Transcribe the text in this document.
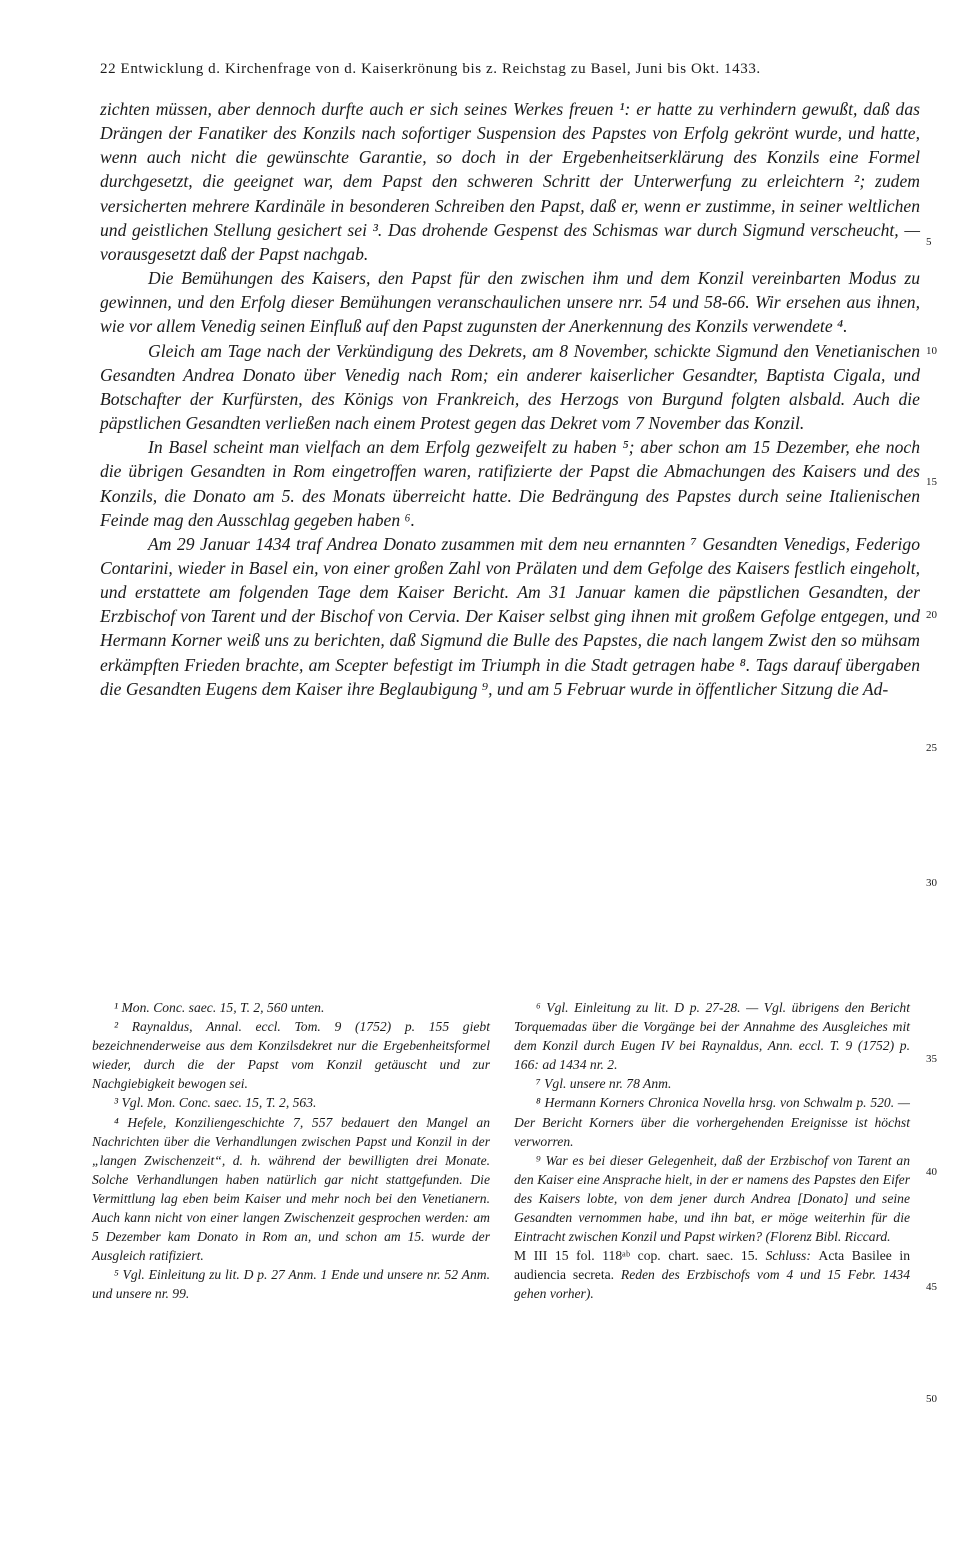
22 Entwicklung d. Kirchenfrage von d. Kaiserkrönung bis z. Reichstag zu Basel, Juni bis Okt. 1433.

zichten müssen, aber dennoch durfte auch er sich seines Werkes freuen ¹: er hatte zu verhindern gewußt, daß das Drängen der Fanatiker des Konzils nach sofortiger Suspension des Papstes von Erfolg gekrönt wurde, und hatte, wenn auch nicht die gewünschte Garantie, so doch in der Ergebenheitserklärung des Konzils eine Formel durchgesetzt, die geeignet war, dem Papst den schweren Schritt der Unterwerfung zu erleichtern ²; zudem versicherten mehrere Kardinäle in besonderen Schreiben den Papst, daß er, wenn er zustimme, in seiner weltlichen und geistlichen Stellung gesichert sei ³. Das drohende Gespenst des Schismas war durch Sigmund verscheucht, — vorausgesetzt daß der Papst nachgab.

Die Bemühungen des Kaisers, den Papst für den zwischen ihm und dem Konzil vereinbarten Modus zu gewinnen, und den Erfolg dieser Bemühungen veranschaulichen unsere nrr. 54 und 58-66. Wir ersehen aus ihnen, wie vor allem Venedig seinen Einfluß auf den Papst zugunsten der Anerkennung des Konzils verwendete ⁴.

Gleich am Tage nach der Verkündigung des Dekrets, am 8 November, schickte Sigmund den Venetianischen Gesandten Andrea Donato über Venedig nach Rom; ein anderer kaiserlicher Gesandter, Baptista Cigala, und Botschafter der Kurfürsten, des Königs von Frankreich, des Herzogs von Burgund folgten alsbald. Auch die päpstlichen Gesandten verließen nach einem Protest gegen das Dekret vom 7 November das Konzil.

In Basel scheint man vielfach an dem Erfolg gezweifelt zu haben ⁵; aber schon am 15 Dezember, ehe noch die übrigen Gesandten in Rom eingetroffen waren, ratifizierte der Papst die Abmachungen des Kaisers und des Konzils, die Donato am 5. des Monats überreicht hatte. Die Bedrängung des Papstes durch seine Italienischen Feinde mag den Ausschlag gegeben haben ⁶.

Am 29 Januar 1434 traf Andrea Donato zusammen mit dem neu ernannten ⁷ Gesandten Venedigs, Federigo Contarini, wieder in Basel ein, von einer großen Zahl von Prälaten und dem Gefolge des Kaisers festlich eingeholt, und erstattete am folgenden Tage dem Kaiser Bericht. Am 31 Januar kamen die päpstlichen Gesandten, der Erzbischof von Tarent und der Bischof von Cervia. Der Kaiser selbst ging ihnen mit großem Gefolge entgegen, und Hermann Korner weiß uns zu berichten, daß Sigmund die Bulle des Papstes, die nach langem Zwist den so mühsam erkämpften Frieden brachte, am Scepter befestigt im Triumph in die Stadt getragen habe ⁸. Tags darauf übergaben die Gesandten Eugens dem Kaiser ihre Beglaubigung ⁹, und am 5 Februar wurde in öffentlicher Sitzung die Ad-

5
10
15
20
25
30

¹ Mon. Conc. saec. 15, T. 2, 560 unten.

² Raynaldus, Annal. eccl. Tom. 9 (1752) p. 155 giebt bezeichnenderweise aus dem Konzilsdekret nur die Ergebenheitsformel wieder, durch die der Papst vom Konzil getäuscht und zur Nachgiebigkeit bewogen sei.

³ Vgl. Mon. Conc. saec. 15, T. 2, 563.

⁴ Hefele, Konziliengeschichte 7, 557 bedauert den Mangel an Nachrichten über die Verhandlungen zwischen Papst und Konzil in der „langen Zwischenzeit“, d. h. während der bewilligten drei Monate. Solche Verhandlungen haben natürlich gar nicht stattgefunden. Die Vermittlung lag eben beim Kaiser und mehr noch bei den Venetianern. Auch kann nicht von einer langen Zwischenzeit gesprochen werden: am 5 Dezember kam Donato in Rom an, und schon am 15. wurde der Ausgleich ratifiziert.

⁵ Vgl. Einleitung zu lit. D p. 27 Anm. 1 Ende und unsere nr. 52 Anm. und unsere nr. 99.

⁶ Vgl. Einleitung zu lit. D p. 27-28. — Vgl. übrigens den Bericht Torquemadas über die Vorgänge bei der Annahme des Ausgleiches mit dem Konzil durch Eugen IV bei Raynaldus, Ann. eccl. T. 9 (1752) p. 166: ad 1434 nr. 2.

⁷ Vgl. unsere nr. 78 Anm.

⁸ Hermann Korners Chronica Novella hrsg. von Schwalm p. 520. — Der Bericht Korners über die vorhergehenden Ereignisse ist höchst verworren.

⁹ War es bei dieser Gelegenheit, daß der Erzbischof von Tarent an den Kaiser eine Ansprache hielt, in der er namens des Papstes den Eifer des Kaisers lobte, von dem jener durch Andrea [Donato] und seine Gesandten vernommen habe, und ihn bat, er möge weiterhin für die Eintracht zwischen Konzil und Papst wirken? (Florenz Bibl. Riccard.

M III 15 fol. 118ᵃᵇ cop. chart. saec. 15. Schluss: Acta Basilee in audiencia secreta. Reden des Erzbischofs vom 4 und 15 Febr. 1434 gehen vorher).

35
40
45
50
